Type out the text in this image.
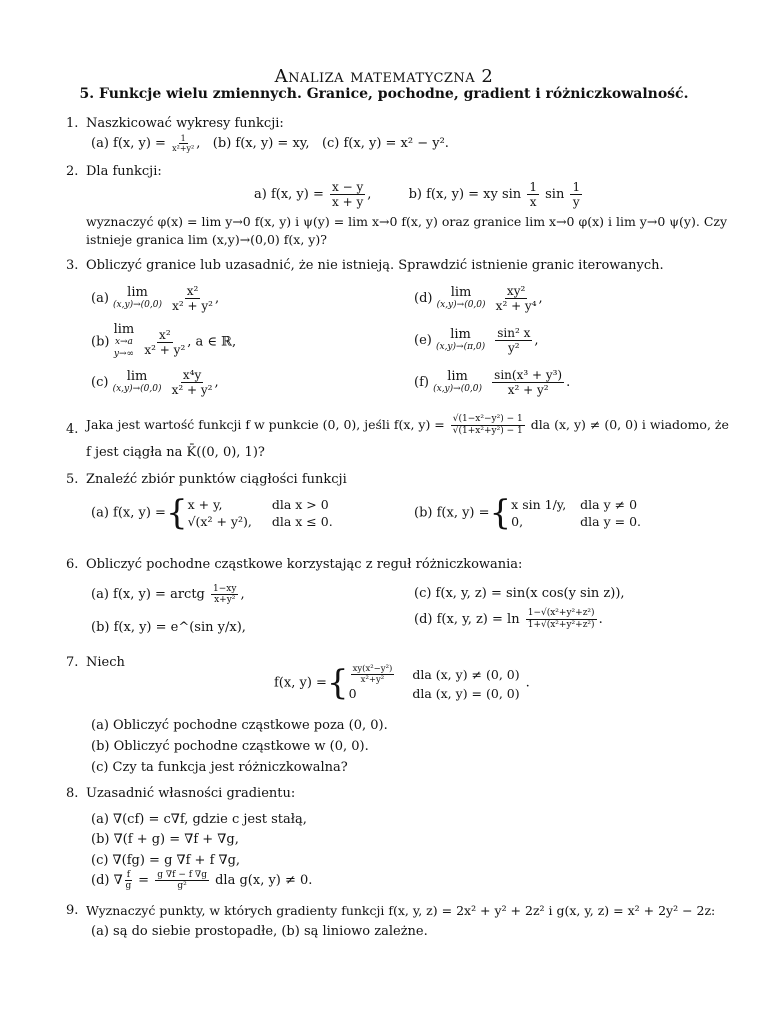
Analiza matematyczna 2
5. Funkcje wielu zmiennych. Granice, pochodne, gradient i różniczkowalność.
1. Naszkicować wykresy funkcji:
(a) f(x, $y) = \frac{1}{\text{x²+y²}}$ , (b) f(x, y) = xy, (c) f(x, y) = x² − y².
2. Dla funkcji:
a) f(x, $y) = \frac{x - y}{x + y}$ ,	b) f(x, y) = xy $\sin \frac{1}{x}$ $\sin \frac{1}{y}$
wyznaczyć φ(x) = lim y→0 f(x, y) i ψ(y) = lim x→0 f(x, y) oraz granice lim x→0 φ(x) i lim y→0 ψ(y). Czy
istnieje granica lim (x,y)→(0,0) f(x, y)?
3. Obliczyć granice lub uzasadnić, że nie istnieją. Sprawdzić istnienie granic iterowanych.
(a) lim
(x,y)→(0,0)
$\frac{\text{x²}}{\text{x² + y²}}$ ,
(b)
lim
x→a
y→∞
$\frac{\text{x²}}{\text{x² + y²}}$ , a ∈ ℝ,
(c) lim
(x,y)→(0,0)
$\frac{\text{x⁴y}}{\text{x² + y²}}$ ,
(d) lim
(x,y)→(0,0)
$\frac{\text{xy²}}{\text{x² + y⁴}}$ ,
(e) lim
(x,y)→(π,0)
$\frac{\text{sin² x}}{\text{y²}}$ ,
(f) lim
(x,y)→(0,0)
$\frac{\text{sin(x³ + y³)}}{\text{x² + y²}}$ .
4. Jaka jest wartość funkcji f w punkcie (0, 0), jeśli f(x, $y) = \frac{\text{√(1−x²−y²) − 1}}{\text{√(1+x²+y²) − 1}}$ dla (x, y) ≠ (0, 0) i wiadomo, że
f jest ciągła na K̄((0, 0), 1)?
5. Znaleźć zbiór punktów ciągłości funkcji
(a) f(x, y) ={ x + y,	dla x > 0
√(x² + y²),	dla x ≤ 0.
(b) f(x, y) ={ x sin 1/y,	dla y ≠ 0
0,	dla y = 0.
6. Obliczyć pochodne cząstkowe korzystając z reguł różniczkowania:
(a) f(x, y) = arctg $\frac{1-xy}{\text{x+y²}}$ ,
(b) f(x, y) = e^(sin y/x),
(c) f(x, y, z) = sin(x cos(y sin z)),
(d) f(x, y, $z) = \ln \frac{\text{1−√(x²+y²+z²)}}{\text{1+√(x²+y²+z²)}}$ .
7. Niech
f(x, y) ={ $\frac{\text{xy(x²−y²)}}{\text{x²+y²}}$	dla (x, y) ≠ (0, 0)
0	dla (x, y) = (0, 0)
.
(a) Obliczyć pochodne cząstkowe poza (0, 0).
(b) Obliczyć pochodne cząstkowe w (0, 0).
(c) Czy ta funkcja jest różniczkowalna?
8. Uzasadnić własności gradientu:
(a) ∇(cf) = c∇f, gdzie c jest stałą,
(b) ∇(f + g) = ∇f + ∇g,
(c) ∇(fg) = g ∇f + f ∇g,
(d) ∇ $\frac{f}{g} = \frac{g \nabla f - f \nabla g}{\text{g²}}$ dla g(x, y) ≠ 0.
9. Wyznaczyć punkty, w których gradienty funkcji f(x, y, z) = 2x² + y² + 2z² i g(x, y, z) = x² + 2y² − 2z:
(a) są do siebie prostopadłe, (b) są liniowo zależne.
